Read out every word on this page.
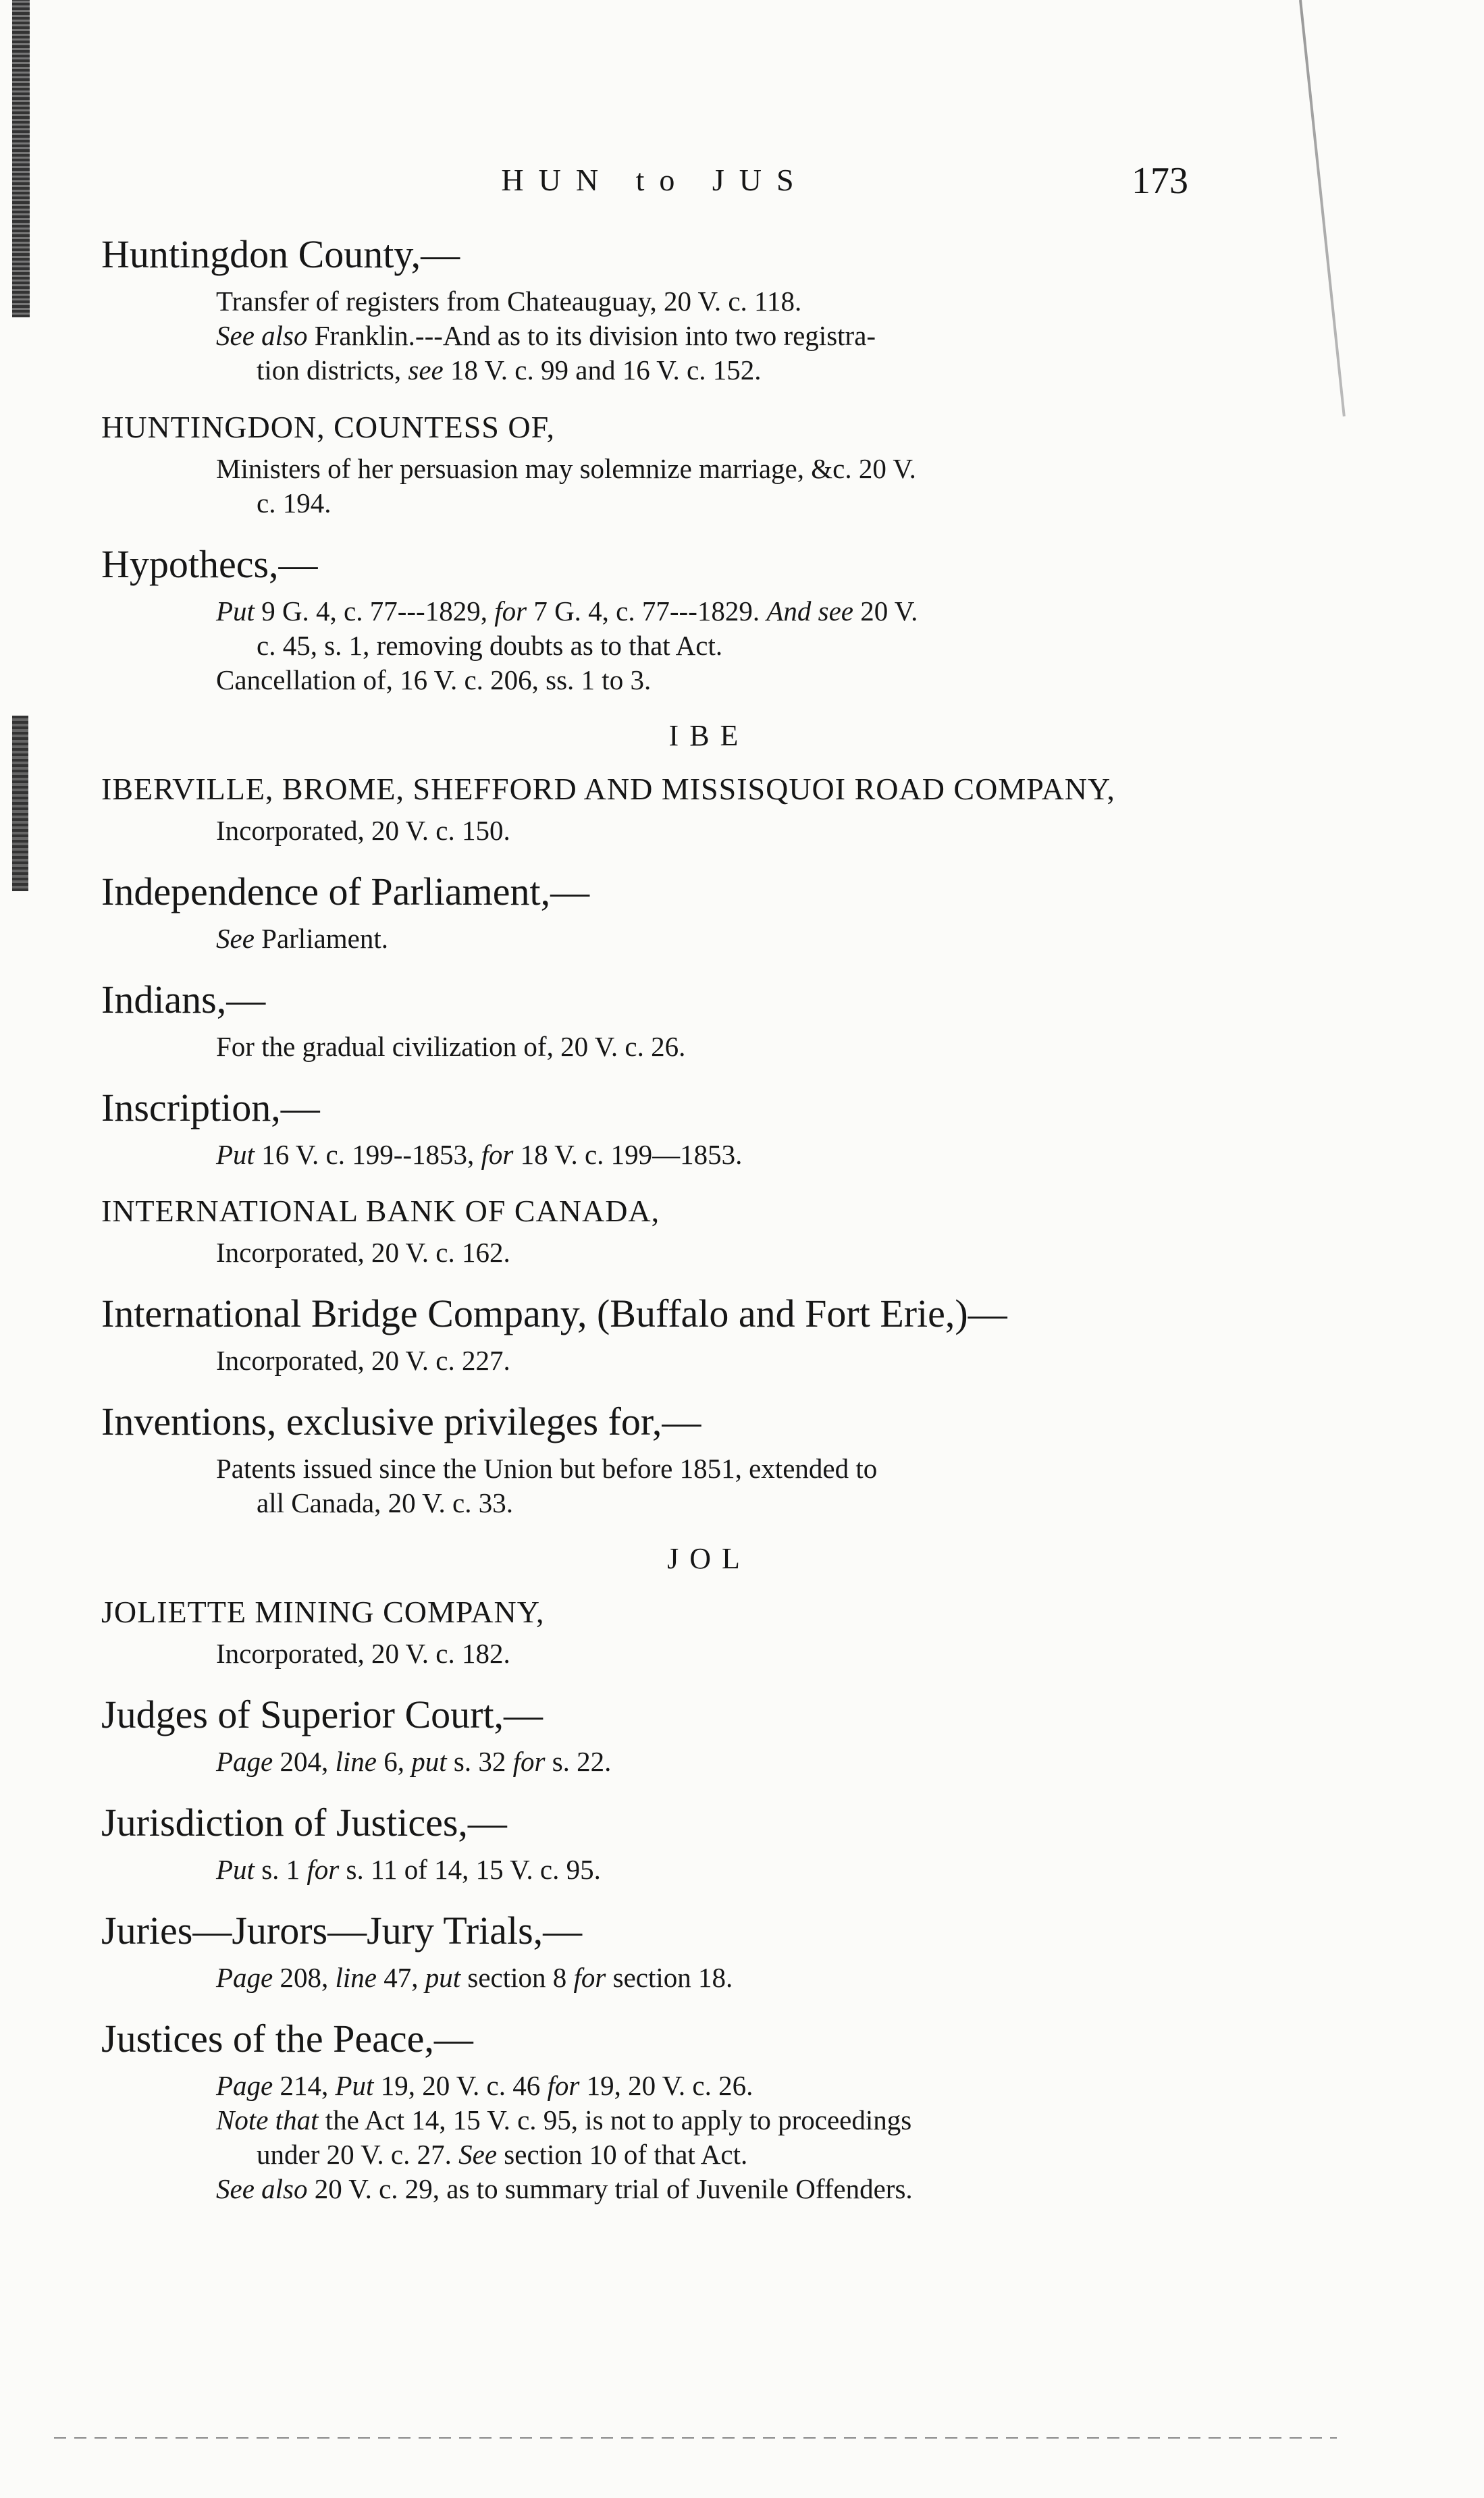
HUN to JUS	173
Huntingdon County,—
Transfer of registers from Chateauguay, 20 V. c. 118.
See also Franklin.---And as to its division into two registra-
tion districts, see 18 V. c. 99 and 16 V. c. 152.
HUNTINGDON, COUNTESS OF,
Ministers of her persuasion may solemnize marriage, &c. 20 V.
c. 194.
Hypothecs,—
Put 9 G. 4, c. 77---1829, for 7 G. 4, c. 77---1829. And see 20 V.
c. 45, s. 1, removing doubts as to that Act.
Cancellation of, 16 V. c. 206, ss. 1 to 3.
IBE
IBERVILLE, BROME, SHEFFORD AND MISSISQUOI ROAD COMPANY,
Incorporated, 20 V. c. 150.
Independence of Parliament,—
See Parliament.
Indians,—
For the gradual civilization of, 20 V. c. 26.
Inscription,—
Put 16 V. c. 199--1853, for 18 V. c. 199—1853.
INTERNATIONAL BANK OF CANADA,
Incorporated, 20 V. c. 162.
International Bridge Company, (Buffalo and Fort Erie,)—
Incorporated, 20 V. c. 227.
Inventions, exclusive privileges for,—
Patents issued since the Union but before 1851, extended to
all Canada, 20 V. c. 33.
JOL
JOLIETTE MINING COMPANY,
Incorporated, 20 V. c. 182.
Judges of Superior Court,—
Page 204, line 6, put s. 32 for s. 22.
Jurisdiction of Justices,—
Put s. 1 for s. 11 of 14, 15 V. c. 95.
Juries—Jurors—Jury Trials,—
Page 208, line 47, put section 8 for section 18.
Justices of the Peace,—
Page 214, Put 19, 20 V. c. 46 for 19, 20 V. c. 26.
Note that the Act 14, 15 V. c. 95, is not to apply to proceedings
under 20 V. c. 27. See section 10 of that Act.
See also 20 V. c. 29, as to summary trial of Juvenile Offenders.
